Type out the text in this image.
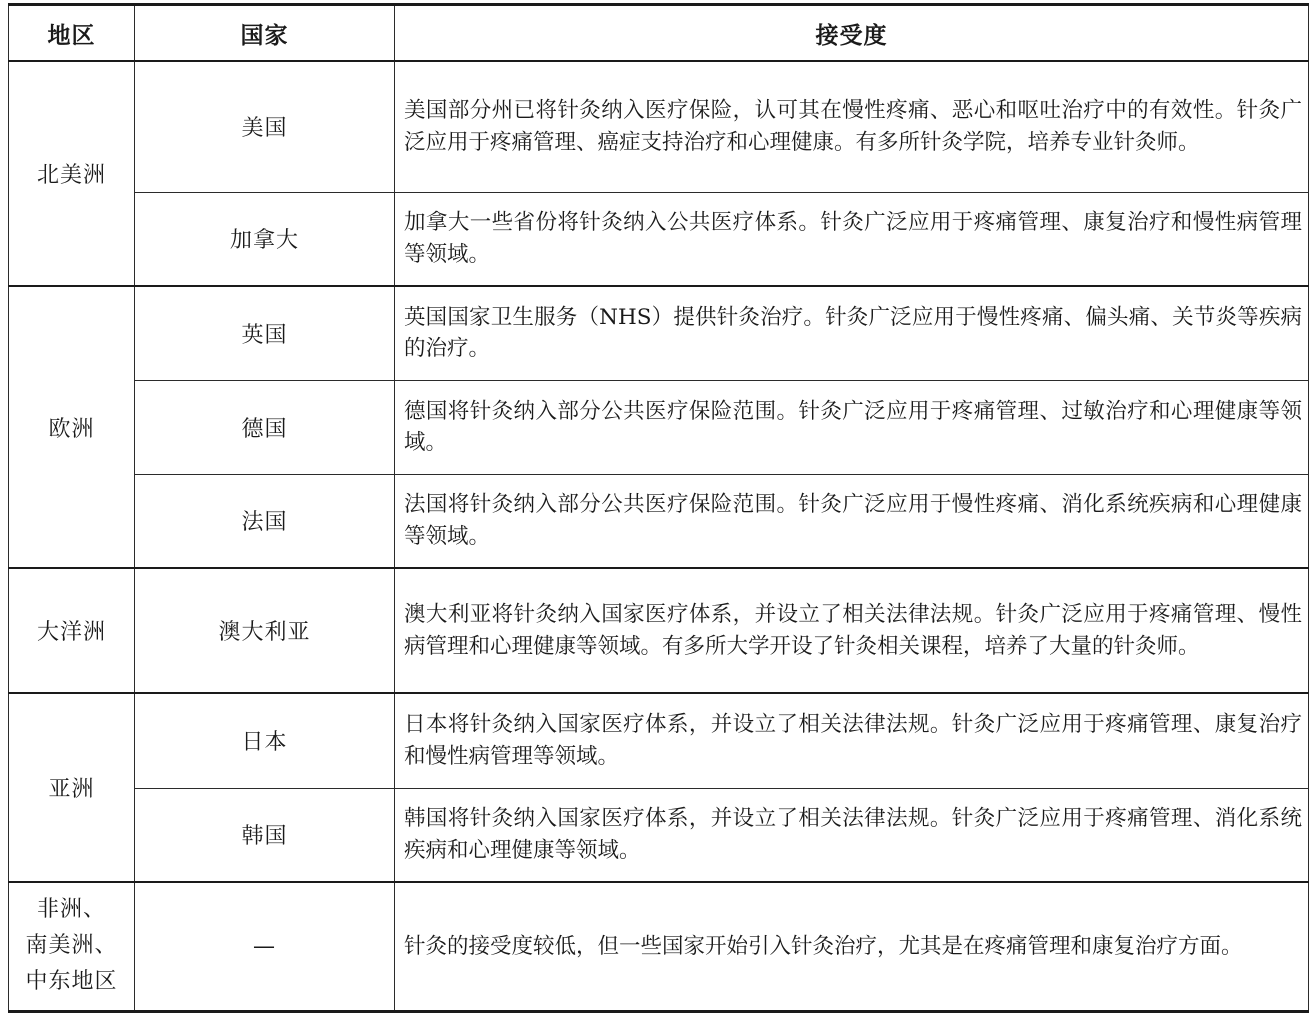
地区	国家	接受度
北美洲	美国	美国部分州已将针灸纳入医疗保险，认可其在慢性疼痛、恶心和呕吐治疗中的有效性。针灸广泛应用于疼痛管理、癌症支持治疗和心理健康。有多所针灸学院，培养专业针灸师。
	加拿大	加拿大一些省份将针灸纳入公共医疗体系。针灸广泛应用于疼痛管理、康复治疗和慢性病管理等领域。
欧洲	英国	英国国家卫生服务（NHS）提供针灸治疗。针灸广泛应用于慢性疼痛、偏头痛、关节炎等疾病的治疗。
	德国	德国将针灸纳入部分公共医疗保险范围。针灸广泛应用于疼痛管理、过敏治疗和心理健康等领域。
	法国	法国将针灸纳入部分公共医疗保险范围。针灸广泛应用于慢性疼痛、消化系统疾病和心理健康等领域。
大洋洲	澳大利亚	澳大利亚将针灸纳入国家医疗体系，并设立了相关法律法规。针灸广泛应用于疼痛管理、慢性病管理和心理健康等领域。有多所大学开设了针灸相关课程，培养了大量的针灸师。
亚洲	日本	日本将针灸纳入国家医疗体系，并设立了相关法律法规。针灸广泛应用于疼痛管理、康复治疗和慢性病管理等领域。
	韩国	韩国将针灸纳入国家医疗体系，并设立了相关法律法规。针灸广泛应用于疼痛管理、消化系统疾病和心理健康等领域。

非洲、
南美洲、
中东地区	—	针灸的接受度较低，但一些国家开始引入针灸治疗，尤其是在疼痛管理和康复治疗方面。
